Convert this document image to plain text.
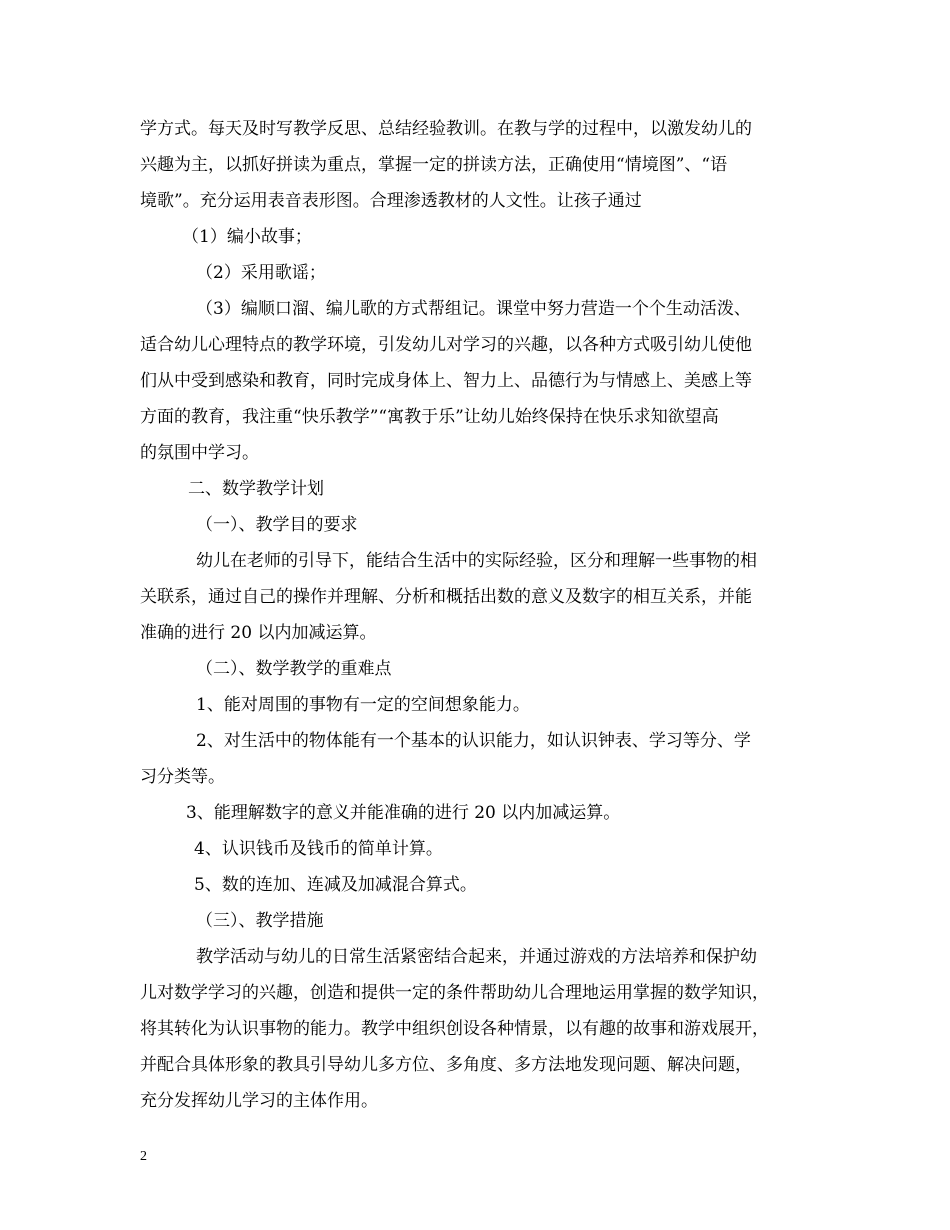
学方式。每天及时写教学反思、总结经验教训。在教与学的过程中，以激发幼儿的
兴趣为主，以抓好拼读为重点，掌握一定的拼读方法，正确使用“情境图”、“语
境歌”。充分运用表音表形图。合理渗透教材的人文性。让孩子通过
（1）编小故事；
（2）采用歌谣；
（3）编顺口溜、编儿歌的方式帮组记。课堂中努力营造一个个生动活泼、
适合幼儿心理特点的教学环境，引发幼儿对学习的兴趣，以各种方式吸引幼儿使他
们从中受到感染和教育，同时完成身体上、智力上、品德行为与情感上、美感上等
方面的教育，我注重“快乐教学”“寓教于乐”让幼儿始终保持在快乐求知欲望高
的氛围中学习。
二、数学教学计划
（一）、教学目的要求
幼儿在老师的引导下，能结合生活中的实际经验，区分和理解一些事物的相
关联系，通过自己的操作并理解、分析和概括出数的意义及数字的相互关系，并能
准确的进行 20 以内加减运算。
（二）、数学教学的重难点
1、能对周围的事物有一定的空间想象能力。
2、对生活中的物体能有一个基本的认识能力，如认识钟表、学习等分、学
习分类等。
3、能理解数字的意义并能准确的进行 20 以内加减运算。
4、认识钱币及钱币的简单计算。
5、数的连加、连减及加减混合算式。
（三）、教学措施
教学活动与幼儿的日常生活紧密结合起来，并通过游戏的方法培养和保护幼
儿对数学学习的兴趣，创造和提供一定的条件帮助幼儿合理地运用掌握的数学知识，
将其转化为认识事物的能力。教学中组织创设各种情景，以有趣的故事和游戏展开，
并配合具体形象的教具引导幼儿多方位、多角度、多方法地发现问题、解决问题，
充分发挥幼儿学习的主体作用。
2
